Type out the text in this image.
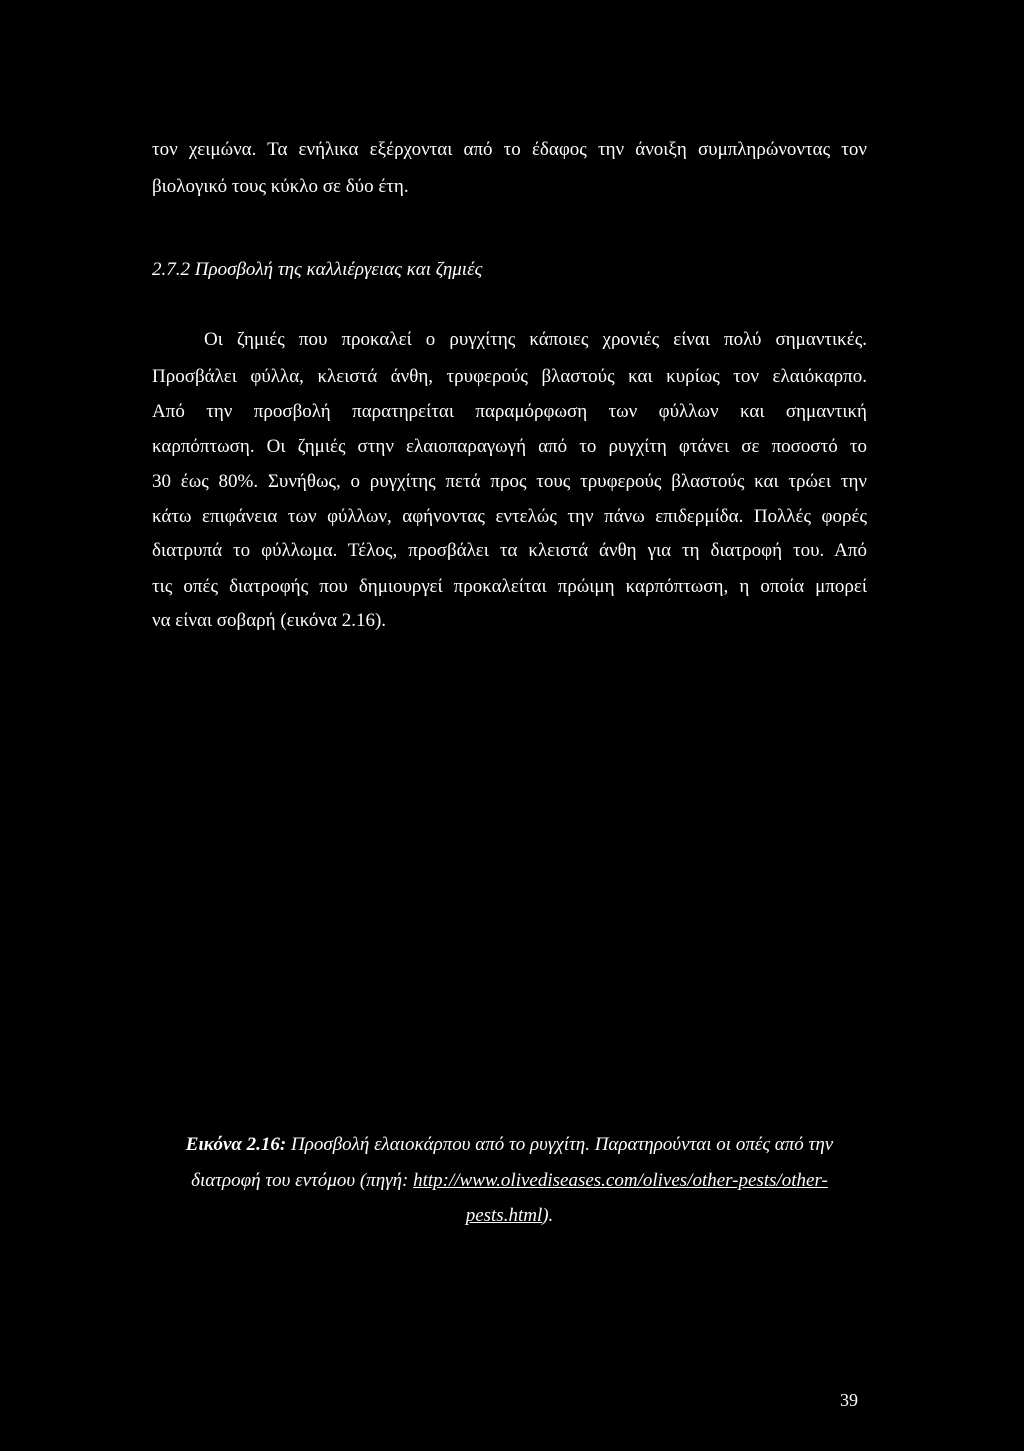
τον χειμώνα. Τα ενήλικα εξέρχονται από το έδαφος την άνοιξη συμπληρώνοντας τον
βιολογικό τους κύκλο σε δύο έτη.
2.7.2 Προσβολή της καλλιέργειας και ζημιές
Οι ζημιές που προκαλεί ο ρυγχίτης κάποιες χρονιές είναι πολύ σημαντικές.
Προσβάλει φύλλα, κλειστά άνθη, τρυφερούς βλαστούς και κυρίως τον ελαιόκαρπο.
Από την προσβολή παρατηρείται παραμόρφωση των φύλλων και σημαντική
καρπόπτωση. Οι ζημιές στην ελαιοπαραγωγή από το ρυγχίτη φτάνει σε ποσοστό το
30 έως 80%. Συνήθως, ο ρυγχίτης πετά προς τους τρυφερούς βλαστούς και τρώει την
κάτω επιφάνεια των φύλλων, αφήνοντας εντελώς την πάνω επιδερμίδα. Πολλές φορές
διατρυπά το φύλλωμα. Τέλος, προσβάλει τα κλειστά άνθη για τη διατροφή του. Από
τις οπές διατροφής που δημιουργεί προκαλείται πρώιμη καρπόπτωση, η οποία μπορεί
να είναι σοβαρή (εικόνα 2.16).
Εικόνα 2.16: Προσβολή ελαιοκάρπου από το ρυγχίτη. Παρατηρούνται οι οπές από την
διατροφή του εντόμου (πηγή: http://www.olivediseases.com/olives/other-pests/other-
pests.html).
39
